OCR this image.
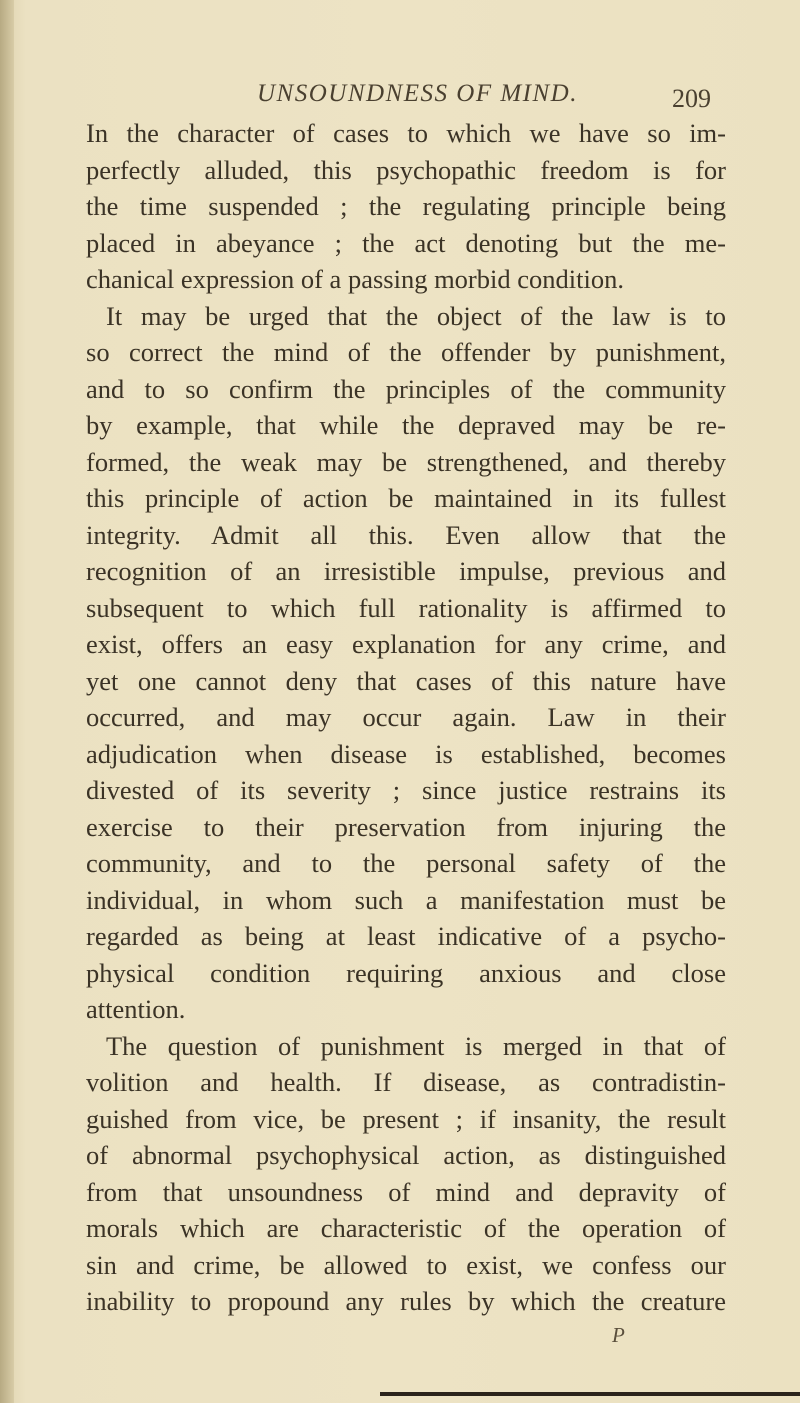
UNSOUNDNESS OF MIND.	209
In the character of cases to which we have so im-
perfectly alluded, this psychopathic freedom is for
the time suspended ; the regulating principle being
placed in abeyance ; the act denoting but the me-
chanical expression of a passing morbid condition.
It may be urged that the object of the law is to
so correct the mind of the offender by punishment,
and to so confirm the principles of the community
by example, that while the depraved may be re-
formed, the weak may be strengthened, and thereby
this principle of action be maintained in its fullest
integrity. Admit all this. Even allow that the
recognition of an irresistible impulse, previous and
subsequent to which full rationality is affirmed to
exist, offers an easy explanation for any crime, and
yet one cannot deny that cases of this nature have
occurred, and may occur again. Law in their
adjudication when disease is established, becomes
divested of its severity ; since justice restrains its
exercise to their preservation from injuring the
community, and to the personal safety of the
individual, in whom such a manifestation must be
regarded as being at least indicative of a psycho-
physical condition requiring anxious and close
attention.
The question of punishment is merged in that of
volition and health. If disease, as contradistin-
guished from vice, be present ; if insanity, the result
of abnormal psychophysical action, as distinguished
from that unsoundness of mind and depravity of
morals which are characteristic of the operation of
sin and crime, be allowed to exist, we confess our
inability to propound any rules by which the creature
P
